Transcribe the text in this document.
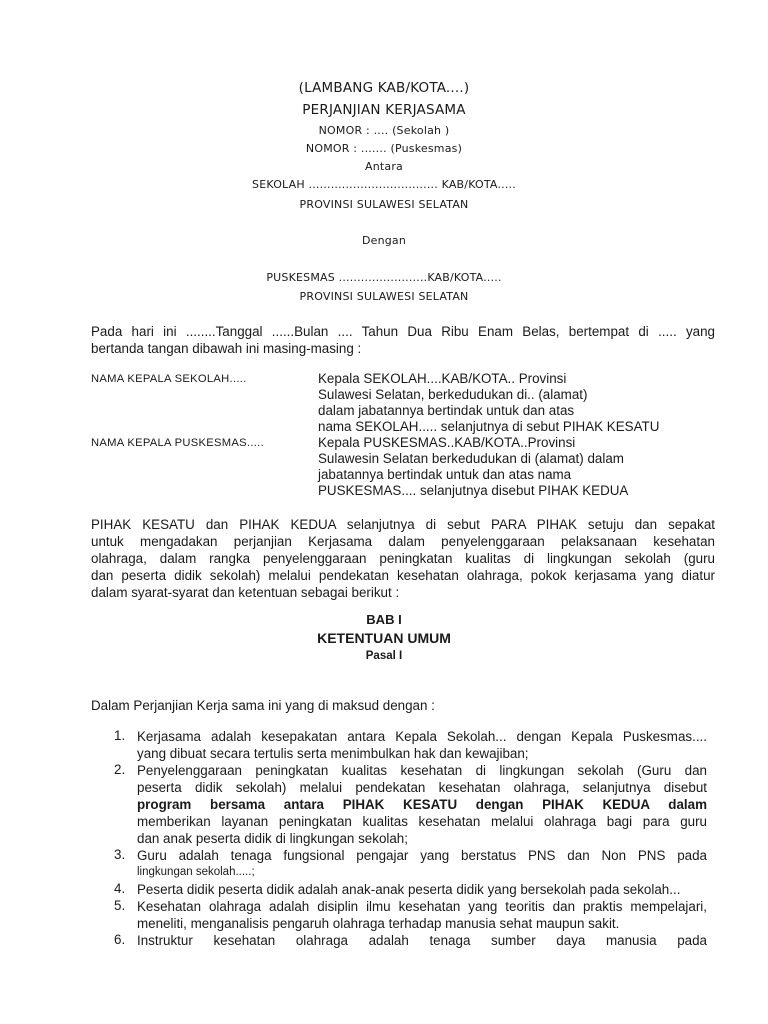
(LAMBANG KAB/KOTA....)
PERJANJIAN KERJASAMA
NOMOR : .... (Sekolah )
NOMOR : ....... (Puskesmas)
Antara
SEKOLAH ................................... KAB/KOTA.....
PROVINSI SULAWESI SELATAN
Dengan
PUSKESMAS ........................KAB/KOTA.....
PROVINSI SULAWESI SELATAN
Pada hari ini ........Tanggal ......Bulan .... Tahun Dua Ribu Enam Belas, bertempat di ..... yang
bertanda tangan dibawah ini masing-masing :
NAMA KEPALA SEKOLAH.....	Kepala SEKOLAH....KAB/KOTA.. Provinsi
Sulawesi Selatan, berkedudukan di.. (alamat)
dalam jabatannya bertindak untuk dan atas
nama SEKOLAH..... selanjutnya di sebut PIHAK KESATU
NAMA KEPALA PUSKESMAS.....	Kepala PUSKESMAS..KAB/KOTA..Provinsi
Sulawesin Selatan berkedudukan di (alamat) dalam
jabatannya bertindak untuk dan atas nama
PUSKESMAS.... selanjutnya disebut PIHAK KEDUA
PIHAK KESATU dan PIHAK KEDUA selanjutnya di sebut PARA PIHAK setuju dan sepakat
untuk mengadakan perjanjian Kerjasama dalam penyelenggaraan pelaksanaan kesehatan
olahraga, dalam rangka penyelenggaraan peningkatan kualitas di lingkungan sekolah (guru
dan peserta didik sekolah) melalui pendekatan kesehatan olahraga, pokok kerjasama yang diatur
dalam syarat-syarat dan ketentuan sebagai berikut :
BAB I
KETENTUAN UMUM
Pasal I
Dalam Perjanjian Kerja sama ini yang di maksud dengan :
1. Kerjasama adalah kesepakatan antara Kepala Sekolah... dengan Kepala Puskesmas....
yang dibuat secara tertulis serta menimbulkan hak dan kewajiban;
2. Penyelenggaraan peningkatan kualitas kesehatan di lingkungan sekolah (Guru dan
peserta didik sekolah) melalui pendekatan kesehatan olahraga, selanjutnya disebut
program bersama antara PIHAK KESATU dengan PIHAK KEDUA dalam
memberikan layanan peningkatan kualitas kesehatan melalui olahraga bagi para guru
dan anak peserta didik di lingkungan sekolah;
3. Guru adalah tenaga fungsional pengajar yang berstatus PNS dan Non PNS pada
lingkungan sekolah.....;
4. Peserta didik peserta didik adalah anak-anak peserta didik yang bersekolah pada sekolah...
5. Kesehatan olahraga adalah disiplin ilmu kesehatan yang teoritis dan praktis mempelajari,
meneliti, menganalisis pengaruh olahraga terhadap manusia sehat maupun sakit.
6. Instruktur kesehatan olahraga adalah tenaga sumber daya manusia pada
